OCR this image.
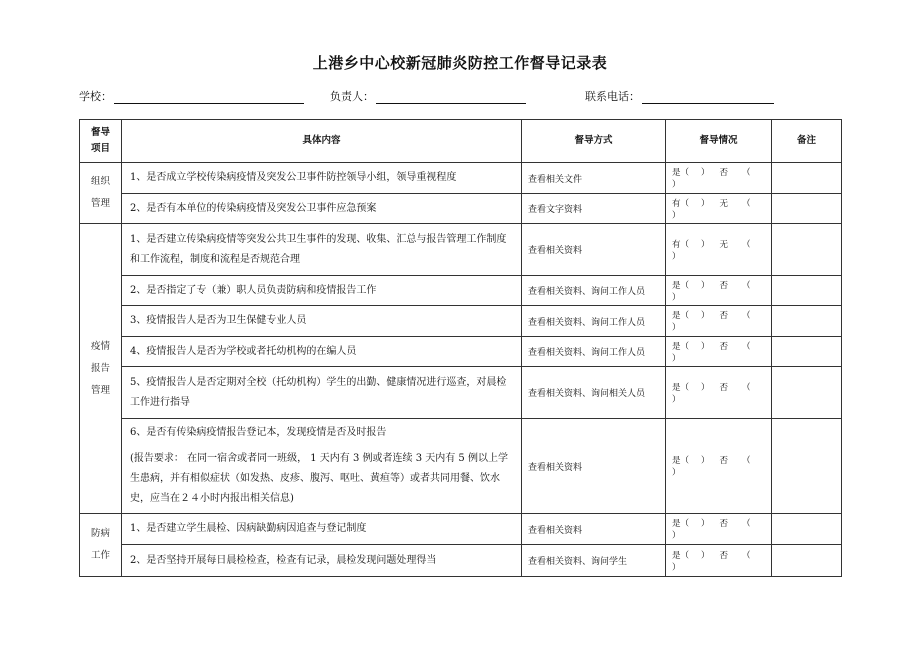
上港乡中心校新冠肺炎防控工作督导记录表
学校：	负责人：	联系电话：
督导项目	具体内容	督导方式	督导情况	备注

组织管理	1、是否成立学校传染病疫情及突发公卫事件防控领导小组，领导重视程度	查看相关文件	是（ ） 否 （）	
	2、是否有本单位的传染病疫情及突发公卫事件应急预案	查看文字资料	有（ ） 无 （）	

疫情报告管理	1、是否建立传染病疫情等突发公共卫生事件的发现、收集、汇总与报告管理工作制度和工作流程，制度和流程是否规范合理	查看相关资料	有（ ） 无 （）	
	2、是否指定了专（兼）职人员负责防病和疫情报告工作	查看相关资料、询问工作人员	是（ ） 否 （）	
	3、疫情报告人是否为卫生保健专业人员	查看相关资料、询问工作人员	是（ ） 否 （）	
	4、疫情报告人是否为学校或者托幼机构的在编人员	查看相关资料、询问工作人员	是（ ） 否 （）	
	5、疫情报告人是否定期对全校（托幼机构）学生的出勤、健康情况进行巡查，对晨检工作进行指导	查看相关资料、询问相关人员	是（ ） 否 （）	

	6、是否有传染病疫情报告登记本，发现疫情是否及时报告
(报告要求： 在同一宿舍或者同一班级， 1 天内有 3 例或者连续 3 天内有 5 例以上学生患病，并有相似症状（如发热、皮疹、腹泻、呕吐、黄疸等）或者共同用餐、饮水史，应当在２４小时内报出相关信息)	查看相关资料	是（ ） 否 （）	

防病工作	1、是否建立学生晨检、因病缺勤病因追查与登记制度	查看相关资料	是（ ） 否 （）	
	2、是否坚持开展每日晨检检查，检查有记录，晨检发现问题处理得当	查看相关资料、询问学生	是（ ） 否 （）	
